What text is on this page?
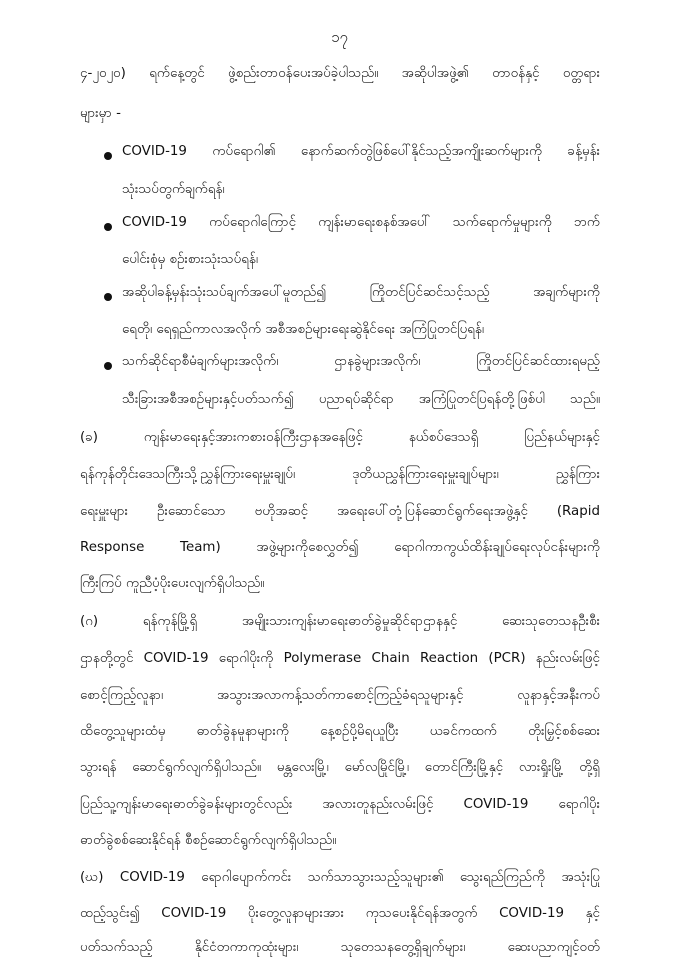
၁၇
၄-၂၀၂၀) ရက်နေ့တွင် ဖွဲ့စည်းတာဝန်ပေးအပ်ခဲ့ပါသည်။ အဆိုပါအဖွဲ့၏ တာဝန်နှင့် ဝတ္တရား
များမှာ -
COVID-19 ကပ်ရောဂါ၏ နောက်ဆက်တွဲဖြစ်ပေါ်နိုင်သည့်အကျိုးဆက်များကို ခန့်မှန်း
သုံးသပ်တွက်ချက်ရန်၊
COVID-19 ကပ်ရောဂါကြောင့် ကျန်းမာရေးစနစ်အပေါ် သက်ရောက်မှုများကို ဘက်
ပေါင်းစုံမှ စဉ်းစားသုံးသပ်ရန်၊
အဆိုပါခန့်မှန်းသုံးသပ်ချက်အပေါ်မူတည်၍ ကြိုတင်ပြင်ဆင်သင့်သည့် အချက်များကို
ရေတို၊ ရေရှည်ကာလအလိုက် အစီအစဉ်များရေးဆွဲနိုင်ရေး အကြံပြုတင်ပြရန်၊
သက်ဆိုင်ရာစီမံချက်များအလိုက်၊ ဌာနခွဲများအလိုက်၊ ကြိုတင်ပြင်ဆင်ထားရမည့်
သီးခြားအစီအစဉ်များနှင့်ပတ်သက်၍ ပညာရပ်ဆိုင်ရာ အကြံပြုတင်ပြရန်တို့ဖြစ်ပါ သည်။
(ခ) ကျန်းမာရေးနှင့်အားကစားဝန်ကြီးဌာနအနေဖြင့် နယ်စပ်ဒေသရှိ ပြည်နယ်များနှင့်
ရန်ကုန်တိုင်းဒေသကြီးသို့ညွှန်ကြားရေးမှူးချုပ်၊ ဒုတိယညွှန်ကြားရေးမှူးချုပ်များ၊ ညွှန်ကြား
ရေးမှူးများ ဦးဆောင်သော ဗဟိုအဆင့် အရေးပေါ်တုံ့ပြန်ဆောင်ရွက်ရေးအဖွဲ့နှင့် (Rapid
Response Team) အဖွဲ့များကိုစေလွှတ်၍ ရောဂါကာကွယ်ထိန်းချုပ်ရေးလုပ်ငန်းများကို
ကြီးကြပ် ကူညီပံ့ပိုးပေးလျက်ရှိပါသည်။
(ဂ) ရန်ကုန်မြို့ရှိ အမျိုးသားကျန်းမာရေးဓာတ်ခွဲမှုဆိုင်ရာဌာနနှင့် ဆေးသုတေသနဦးစီး
ဌာနတို့တွင် COVID-19 ရောဂါပိုးကို Polymerase Chain Reaction (PCR) နည်းလမ်းဖြင့်
စောင့်ကြည့်လူနာ၊ အသွားအလာကန့်သတ်ကာစောင့်ကြည့်ခံရသူများနှင့် လူနာနှင့်အနီးကပ်
ထိတွေ့သူများထံမှ ဓာတ်ခွဲနမူနာများကို နေ့စဉ်ပို့မိရယူပြီး ယခင်ကထက် တိုးမြှင့်စစ်ဆေး
သွားရန် ဆောင်ရွက်လျက်ရှိပါသည်။ မန္တလေးမြို့၊ မော်လမြိုင်မြို့၊ တောင်ကြီးမြို့နှင့် လားရှိုးမြို့ တို့ရှိ
ပြည်သူ့ကျန်းမာရေးဓာတ်ခွဲခန်းများတွင်လည်း အလားတူနည်းလမ်းဖြင့် COVID-19 ရောဂါပိုး
ဓာတ်ခွဲစစ်ဆေးနိုင်ရန် စီစဉ်ဆောင်ရွက်လျက်ရှိပါသည်။
(ဃ) COVID-19 ရောဂါပျောက်ကင်း သက်သာသွားသည့်သူများ၏ သွေးရည်ကြည်ကို အသုံးပြု
ထည့်သွင်း၍ COVID-19 ပိုးတွေ့လူနာများအား ကုသပေးနိုင်ရန်အတွက် COVID-19 နှင့်
ပတ်သက်သည့် နိုင်ငံတကာကုထုံးများ၊ သုတေသနတွေ့ရှိချက်များ၊ ဆေးပညာကျင့်ဝတ်
